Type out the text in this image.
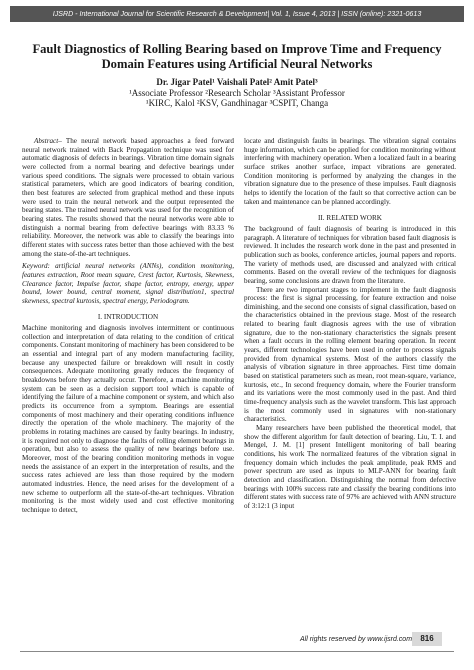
IJSRD - International Journal for Scientific Research & Development| Vol. 1, Issue 4, 2013 | ISSN (online): 2321-0613
Fault Diagnostics of Rolling Bearing based on Improve Time and Frequency Domain Features using Artificial Neural Networks
Dr. Jigar Patel¹ Vaishali Patel² Amit Patel³
¹Associate Professor ²Research Scholar ³Assistant Professor
¹KIRC, Kalol ²KSV, Gandhinagar ³CSPIT, Changa

Abstract– The neural network based approaches a feed forward neural network trained with Back Propagation technique was used for automatic diagnosis of defects in bearings. Vibration time domain signals were collected from a normal bearing and defective bearings under various speed conditions. The signals were processed to obtain various statistical parameters, which are good indicators of bearing condition, then best features are selected from graphical method and these inputs were used to train the neural network and the output represented the bearing states. The trained neural network was used for the recognition of bearing states. The results showed that the neural networks were able to distinguish a normal bearing from defective bearings with 83.33 % reliability. Moreover, the network was able to classify the bearings into different states with success rates better than those achieved with the best among the state-of-the-art techniques.

Keyword: artificial neural networks (ANNs), condition monitoring, features extraction, Root mean square, Crest factor, Kurtosis, Skewness, Clearance factor, Impulse factor, shape factor, entropy, energy, upper bound, lower bound, central moment, signal distribution1, spectral skewness, spectral kurtosis, spectral energy, Periodogram.

I. INTRODUCTION

Machine monitoring and diagnosis involves intermittent or continuous collection and interpretation of data relating to the condition of critical components. Constant monitoring of machinery has been considered to be an essential and integral part of any modern manufacturing facility, because any unexpected failure or breakdown will result in costly consequences. Adequate monitoring greatly reduces the frequency of breakdowns before they actually occur. Therefore, a machine monitoring system can be seen as a decision support tool which is capable of identifying the failure of a machine component or system, and which also predicts its occurrence from a symptom. Bearings are essential components of most machinery and their operating conditions influence directly the operation of the whole machinery. The majority of the problems in rotating machines are caused by faulty bearings. In industry, it is required not only to diagnose the faults of rolling element bearings in operation, but also to assess the quality of new bearings before use. Moreover, most of the bearing condition monitoring methods in vogue needs the assistance of an expert in the interpretation of results, and the success rates achieved are less than those required by the modern automated industries. Hence, the need arises for the development of a new scheme to outperform all the state-of-the-art techniques. Vibration monitoring is the most widely used and cost effective monitoring technique to detect,

locate and distinguish faults in bearings. The vibration signal contains huge information, which can be applied for condition monitoring without interfering with machinery operation. When a localized fault in a bearing surface strikes another surface, impact vibrations are generated. Condition monitoring is performed by analyzing the changes in the vibration signature due to the presence of these impulses. Fault diagnosis helps to identify the location of the fault so that corrective action can be taken and maintenance can be planned accordingly.

II. RELATED WORK

The background of fault diagnosis of bearing is introduced in this paragraph. A literature of techniques for vibration based fault diagnosis is reviewed. It includes the research work done in the past and presented in publication such as books, conference articles, journal papers and reports. The variety of methods used, are discussed and analyzed with critical comments. Based on the overall review of the techniques for diagnosis bearing, some conclusions are drawn from the literature.

There are two important stages to implement in the fault diagnosis process: the first is signal processing, for feature extraction and noise diminishing, and the second one consists of signal classification, based on the characteristics obtained in the previous stage. Most of the research related to bearing fault diagnosis agrees with the use of vibration signature, due to the non-stationary characteristics the signals present when a fault occurs in the rolling element bearing operation. In recent years, different technologies have been used in order to process signals provided from dynamical systems. Most of the authors classify the analysis of vibration signature in three approaches. First time domain based on statistical parameters such as mean, root mean-square, variance, kurtosis, etc., In second frequency domain, where the Fourier transform and its variations were the most commonly used in the past. And third time-frequency analysis such as the wavelet transform. This last approach is the most commonly used in signatures with non-stationary characteristics.

Many researchers have been published the theoretical model, that show the different algorithm for fault detection of bearing. Liu, T. I. and Mengel, J. M. [1] present Intelligent monitoring of ball bearing conditions, his work The normalized features of the vibration signal in frequency domain which includes the peak amplitude, peak RMS and power spectrum are used as inputs to MLP-ANN for bearing fault detection and classification. Distinguishing the normal from defective bearings with 100% success rate and classify the bearing conditions into different states with success rate of 97% are achieved with ANN structure of 3:12:1 (3 input

All rights reserved by www.ijsrd.com	816
